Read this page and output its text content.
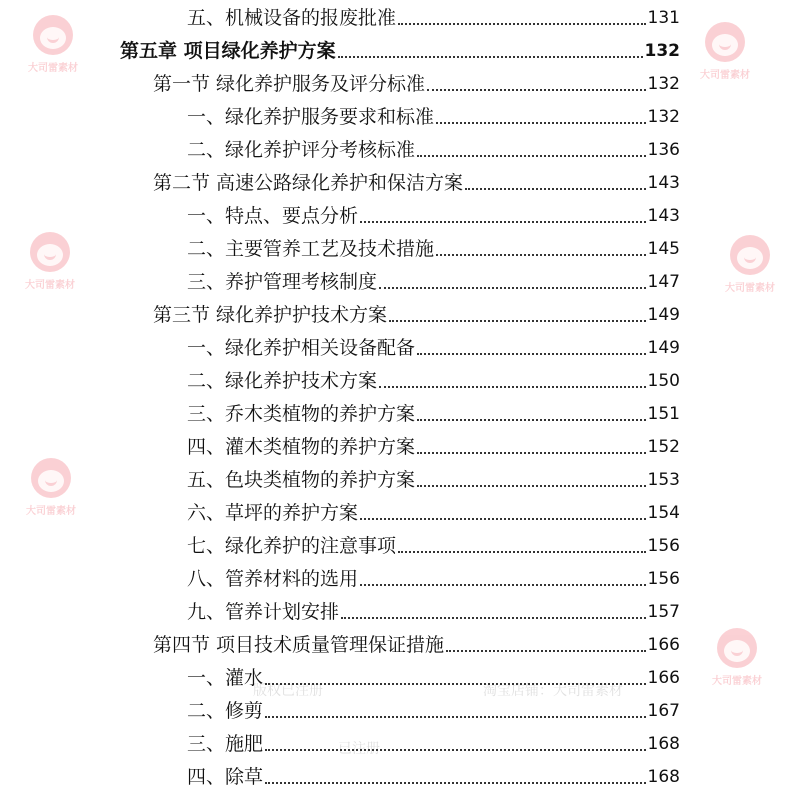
大司雷素材
大司雷素材
大司雷素材	大司雷素材
大司雷素材
大司雷素材
版权已注册	淘宝店铺：大司雷素材
已注册
五、机械设备的报废批准	131
第五章 项目绿化养护方案	132
第一节 绿化养护服务及评分标准	132
一、绿化养护服务要求和标准	132
二、绿化养护评分考核标准	136
第二节 高速公路绿化养护和保洁方案	143
一、特点、要点分析	143
二、主要管养工艺及技术措施	145
三、养护管理考核制度	147
第三节 绿化养护护技术方案	149
一、绿化养护相关设备配备	149
二、绿化养护技术方案	150
三、乔木类植物的养护方案	151
四、灌木类植物的养护方案	152
五、色块类植物的养护方案	153
六、草坪的养护方案	154
七、绿化养护的注意事项	156
八、管养材料的选用	156
九、管养计划安排	157
第四节 项目技术质量管理保证措施	166
一、灌水	166
二、修剪	167
三、施肥	168
四、除草	168
